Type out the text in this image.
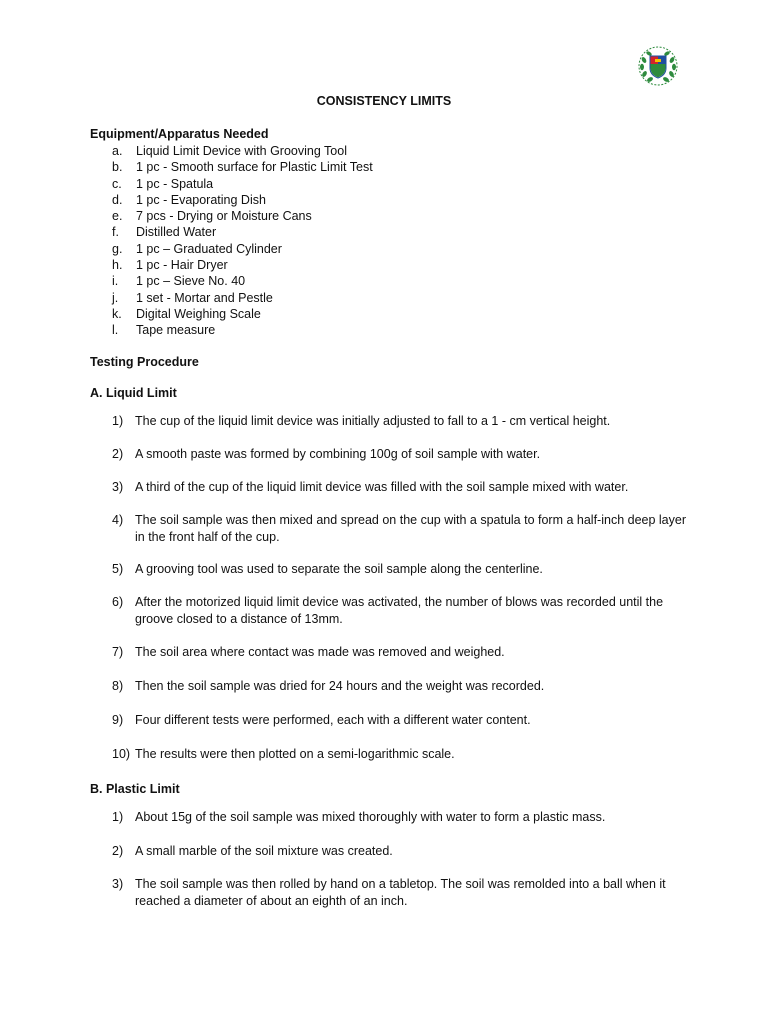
CONSISTENCY LIMITS
Equipment/Apparatus Needed
a. Liquid Limit Device with Grooving Tool
b. 1 pc - Smooth surface for Plastic Limit Test
c. 1 pc - Spatula
d. 1 pc - Evaporating Dish
e. 7 pcs - Drying or Moisture Cans
f. Distilled Water
g. 1 pc – Graduated Cylinder
h. 1 pc - Hair Dryer
i. 1 pc – Sieve No. 40
j. 1 set - Mortar and Pestle
k. Digital Weighing Scale
l. Tape measure
Testing Procedure
A. Liquid Limit
1) The cup of the liquid limit device was initially adjusted to fall to a 1 - cm vertical height.
2) A smooth paste was formed by combining 100g of soil sample with water.
3) A third of the cup of the liquid limit device was filled with the soil sample mixed with water.
4) The soil sample was then mixed and spread on the cup with a spatula to form a half-inch deep layer in the front half of the cup.
5) A grooving tool was used to separate the soil sample along the centerline.
6) After the motorized liquid limit device was activated, the number of blows was recorded until the groove closed to a distance of 13mm.
7) The soil area where contact was made was removed and weighed.
8) Then the soil sample was dried for 24 hours and the weight was recorded.
9) Four different tests were performed, each with a different water content.
10) The results were then plotted on a semi-logarithmic scale.
B. Plastic Limit
1) About 15g of the soil sample was mixed thoroughly with water to form a plastic mass.
2) A small marble of the soil mixture was created.
3) The soil sample was then rolled by hand on a tabletop. The soil was remolded into a ball when it reached a diameter of about an eighth of an inch.
